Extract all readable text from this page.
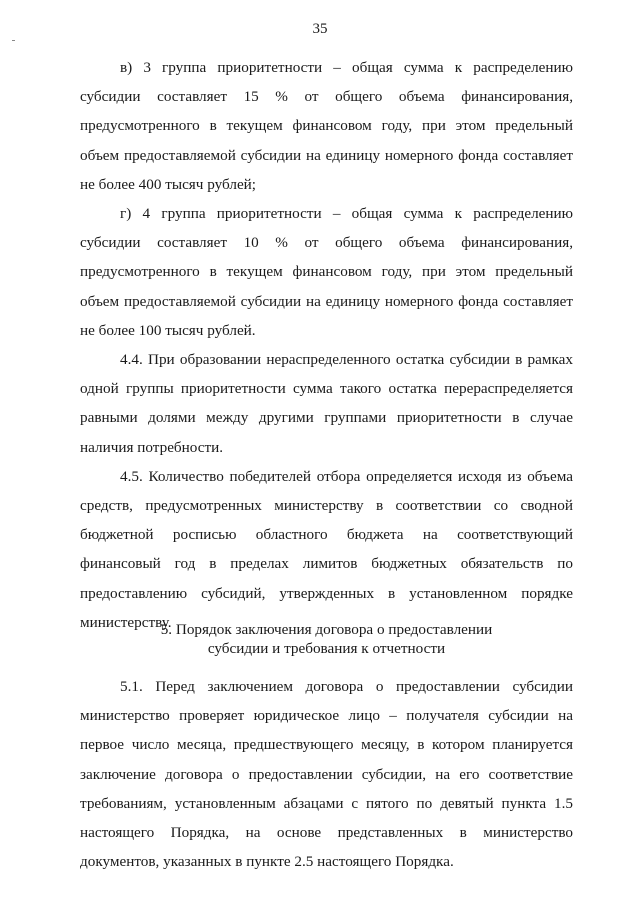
35

в) 3 группа приоритетности – общая сумма к распределению субсидии составляет 15 % от общего объема финансирования, предусмотренного в текущем финансовом году, при этом предельный объем предоставляемой субсидии на единицу номерного фонда составляет не более 400 тысяч рублей;

г) 4 группа приоритетности – общая сумма к распределению субсидии составляет 10 % от общего объема финансирования, предусмотренного в текущем финансовом году, при этом предельный объем предоставляемой субсидии на единицу номерного фонда составляет не более 100 тысяч рублей.

4.4. При образовании нераспределенного остатка субсидии в рамках одной группы приоритетности сумма такого остатка перераспределяется равными долями между другими группами приоритетности в случае наличия потребности.

4.5. Количество победителей отбора определяется исходя из объема средств, предусмотренных министерству в соответствии со сводной бюджетной росписью областного бюджета на соответствующий финансовый год в пределах лимитов бюджетных обязательств по предоставлению субсидий, утвержденных в установленном порядке министерству.

5. Порядок заключения договора о предоставлении
субсидии и требования к отчетности

5.1. Перед заключением договора о предоставлении субсидии министерство проверяет юридическое лицо – получателя субсидии на первое число месяца, предшествующего месяцу, в котором планируется заключение договора о предоставлении субсидии, на его соответствие требованиям, установленным абзацами с пятого по девятый пункта 1.5 настоящего Порядка, на основе представленных в министерство документов, указанных в пункте 2.5 настоящего Порядка.
